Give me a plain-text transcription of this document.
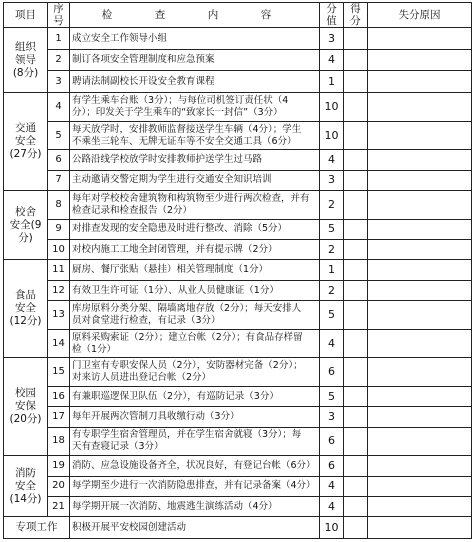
项目	序号	检　查　内　容	分值	得分	失分原因
组织
领导
(8分)	1	成立安全工作领导小组	3		
	2	制订各项安全管理制度和应急预案	4		
	3	聘请法制副校长开设安全教育课程	1		
交通
安全
(27分)	4	有学生乘车台账（3分）；与每位司机签订责任状（4
分）；印发关于学生乘车的“致家长一封信”（3分）	10		
	5	每天放学时，安排教师监督接送学生车辆（4分）；学生
不乘坐三轮车、无牌无证车等不安全交通工具（6分）	10		
	6	公路沿线学校放学时安排教师护送学生过马路	4		
	7	主动邀请交警定期为学生进行交通安全知识培训	3		
校舍
安全(9
分)	8	每年对学校校舍建筑物和构筑物至少进行两次检查，并有
检查记录和检查报告（2分）	2		
	9	对排查发现的安全隐患及时进行整改、消除（5分）	5		
	10	对校内施工工地全封闭管理，并有提示牌（2分）	2		
食品
安全
(12分)	11	厨房、餐厅张贴（悬挂）相关管理制度（1分）	1		
	12	有效卫生许可证（1分）、从业人员健康证（1分）	2		
	13	库房原料分类分架、隔墙离地存放（2分）；每天安排人
员对食堂进行检查，有记录（3分）	5		
	14	原料采购索证（2分）；建立台帐（2分）；有食品存样留
检（1分）	4		
校园
安保
(20分)	15	门卫室有专职安保人员（2分），安防器材完备（2分）；
对来访人员进出登记台帐（2分）	6		
	16	有兼职巡逻保卫队伍（2分），有巡防记录（3分）	5		
	17	每年开展两次管制刀具收缴行动（3分）	3		
	18	有专职学生宿舍管理员，并在学生宿舍就寝（3分）；每
天有查寝记录（3分）	6		
消防
安全
(14分)	19	消防、应急设施设备齐全，状况良好，有登记台帐（6分）	6		
	20	每学期至少进行一次消防隐患排查，并有记录备案（4分）	4		
	21	每学期开展一次消防、地震逃生演练活动（4分）	4		
专项工作		积极开展平安校园创建活动	10		
